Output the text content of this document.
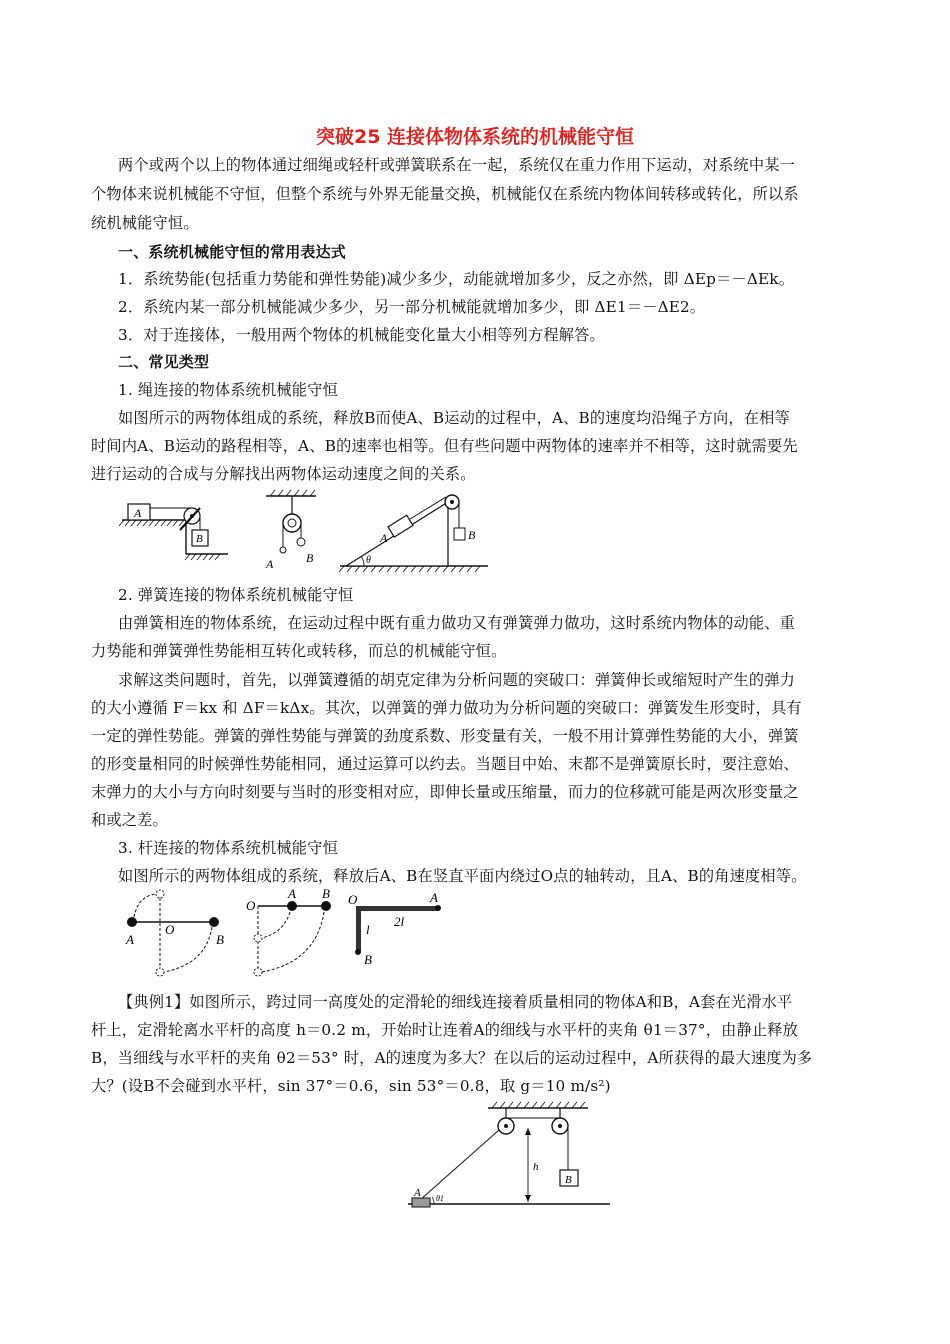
突破25 连接体物体系统的机械能守恒
两个或两个以上的物体通过细绳或轻杆或弹簧联系在一起，系统仅在重力作用下运动，对系统中某一
个物体来说机械能不守恒，但整个系统与外界无能量交换，机械能仅在系统内物体间转移或转化，所以系
统机械能守恒。
一、系统机械能守恒的常用表达式
1．系统势能(包括重力势能和弹性势能)减少多少，动能就增加多少，反之亦然，即 ΔEp＝－ΔEk。
2．系统内某一部分机械能减少多少，另一部分机械能就增加多少，即 ΔE1＝－ΔE2。
3．对于连接体，一般用两个物体的机械能变化量大小相等列方程解答。
二、常见类型
1. 绳连接的物体系统机械能守恒
如图所示的两物体组成的系统，释放B而使A、B运动的过程中，A、B的速度均沿绳子方向，在相等
时间内A、B运动的路程相等，A、B的速率也相等。但有些问题中两物体的速率并不相等，这时就需要先
进行运动的合成与分解找出两物体运动速度之间的关系。
A
B
A	B	θ
A	B
2. 弹簧连接的物体系统机械能守恒
由弹簧相连的物体系统，在运动过程中既有重力做功又有弹簧弹力做功，这时系统内物体的动能、重
力势能和弹簧弹性势能相互转化或转移，而总的机械能守恒。
求解这类问题时，首先，以弹簧遵循的胡克定律为分析问题的突破口：弹簧伸长或缩短时产生的弹力
的大小遵循 F＝kx 和 ΔF＝kΔx。其次，以弹簧的弹力做功为分析问题的突破口：弹簧发生形变时，具有
一定的弹性势能。弹簧的弹性势能与弹簧的劲度系数、形变量有关，一般不用计算弹性势能的大小，弹簧
的形变量相同的时候弹性势能相同，通过运算可以约去。当题目中始、末都不是弹簧原长时，要注意始、
末弹力的大小与方向时刻要与当时的形变相对应，即伸长量或压缩量，而力的位移就可能是两次形变量之
和或之差。
3. 杆连接的物体系统机械能守恒
如图所示的两物体组成的系统，释放后A、B在竖直平面内绕过O点的轴转动，且A、B的角速度相等。
A
O
B
O
A B O	A
2l
l
B
【典例1】如图所示，跨过同一高度处的定滑轮的细线连接着质量相同的物体A和B，A套在光滑水平
杆上，定滑轮离水平杆的高度 h＝0.2 m，开始时让连着A的细线与水平杆的夹角 θ1＝37°，由静止释放
B，当细线与水平杆的夹角 θ2＝53° 时，A的速度为多大？在以后的运动过程中，A所获得的最大速度为多
大？(设B不会碰到水平杆，sin 37°＝0.6，sin 53°＝0.8，取 g＝10 m/s²)
B
h
A θ1
